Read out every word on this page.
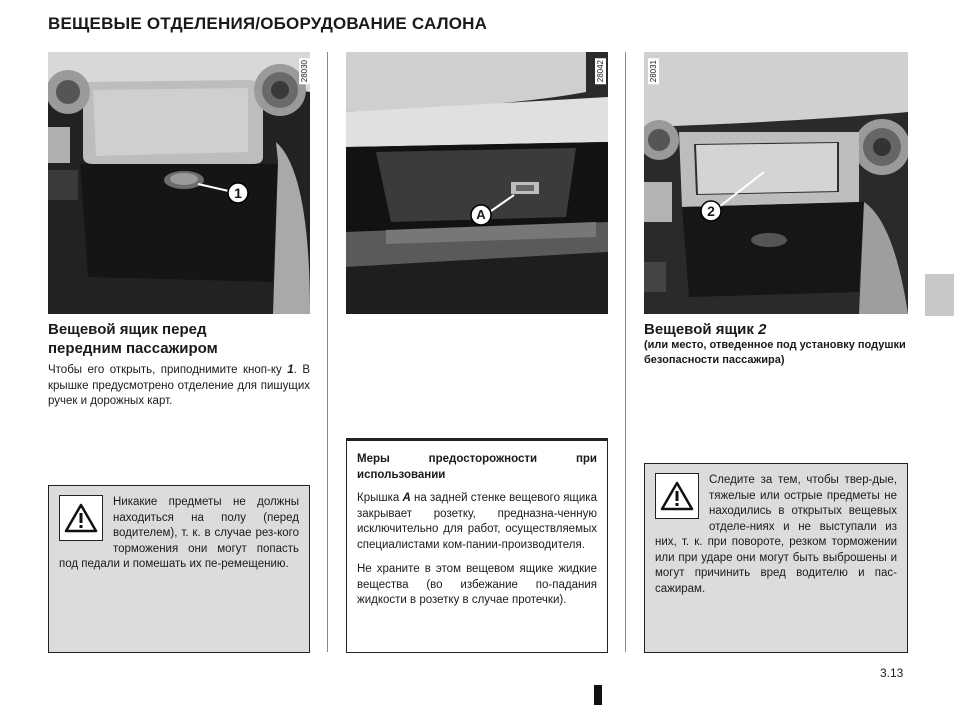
ВЕЩЕВЫЕ ОТДЕЛЕНИЯ/ОБОРУДОВАНИЕ САЛОНА
1
28030
A
28042
2
28031
Вещевой ящик перед
передним пассажиром
Чтобы его открыть, приподнимите кноп-ку 1. В крышке предусмотрено отделение для пишущих ручек и дорожных карт.
Никакие предметы не должны находиться на полу (перед водителем), т. к. в случае рез-кого торможения они могут попасть под педали и помешать их пе-ремещению.

Меры предосторожности при использовании

Крышка A на задней стенке вещевого ящика закрывает розетку, предназна-ченную исключительно для работ, осуществляемых специалистами ком-пании-производителя.

Не храните в этом вещевом ящике жидкие вещества (во избежание по-падания жидкости в розетку в случае протечки).

Вещевой ящик 2
(или место, отведенное под установку подушки безопасности пассажира)
Следите за тем, чтобы твер-дые, тяжелые или острые предметы не находились в открытых вещевых отделе-ниях и не выступали из них, т. к. при повороте, резком торможении или при ударе они могут быть выброшены и могут причинить вред водителю и пас-сажирам.
3.13
